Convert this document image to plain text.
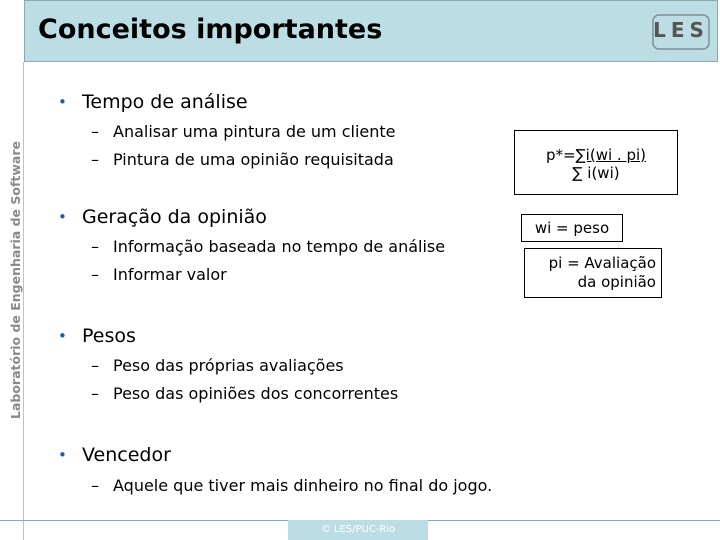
Conceitos importantes	LES
Laboratório de Engenharia de Software
• Tempo de análise
– Analisar uma pintura de um cliente
– Pintura de uma opinião requisitada
• Geração da opinião
– Informação baseada no tempo de análise
– Informar valor
• Pesos
– Peso das próprias avaliações
– Peso das opiniões dos concorrentes
• Vencedor
– Aquele que tiver mais dinheiro no final do jogo.
p*=∑i(wi . pi)
∑ i(wi)
wi = peso
pi = Avaliação
da opinião
© LES/PUC-Rio
